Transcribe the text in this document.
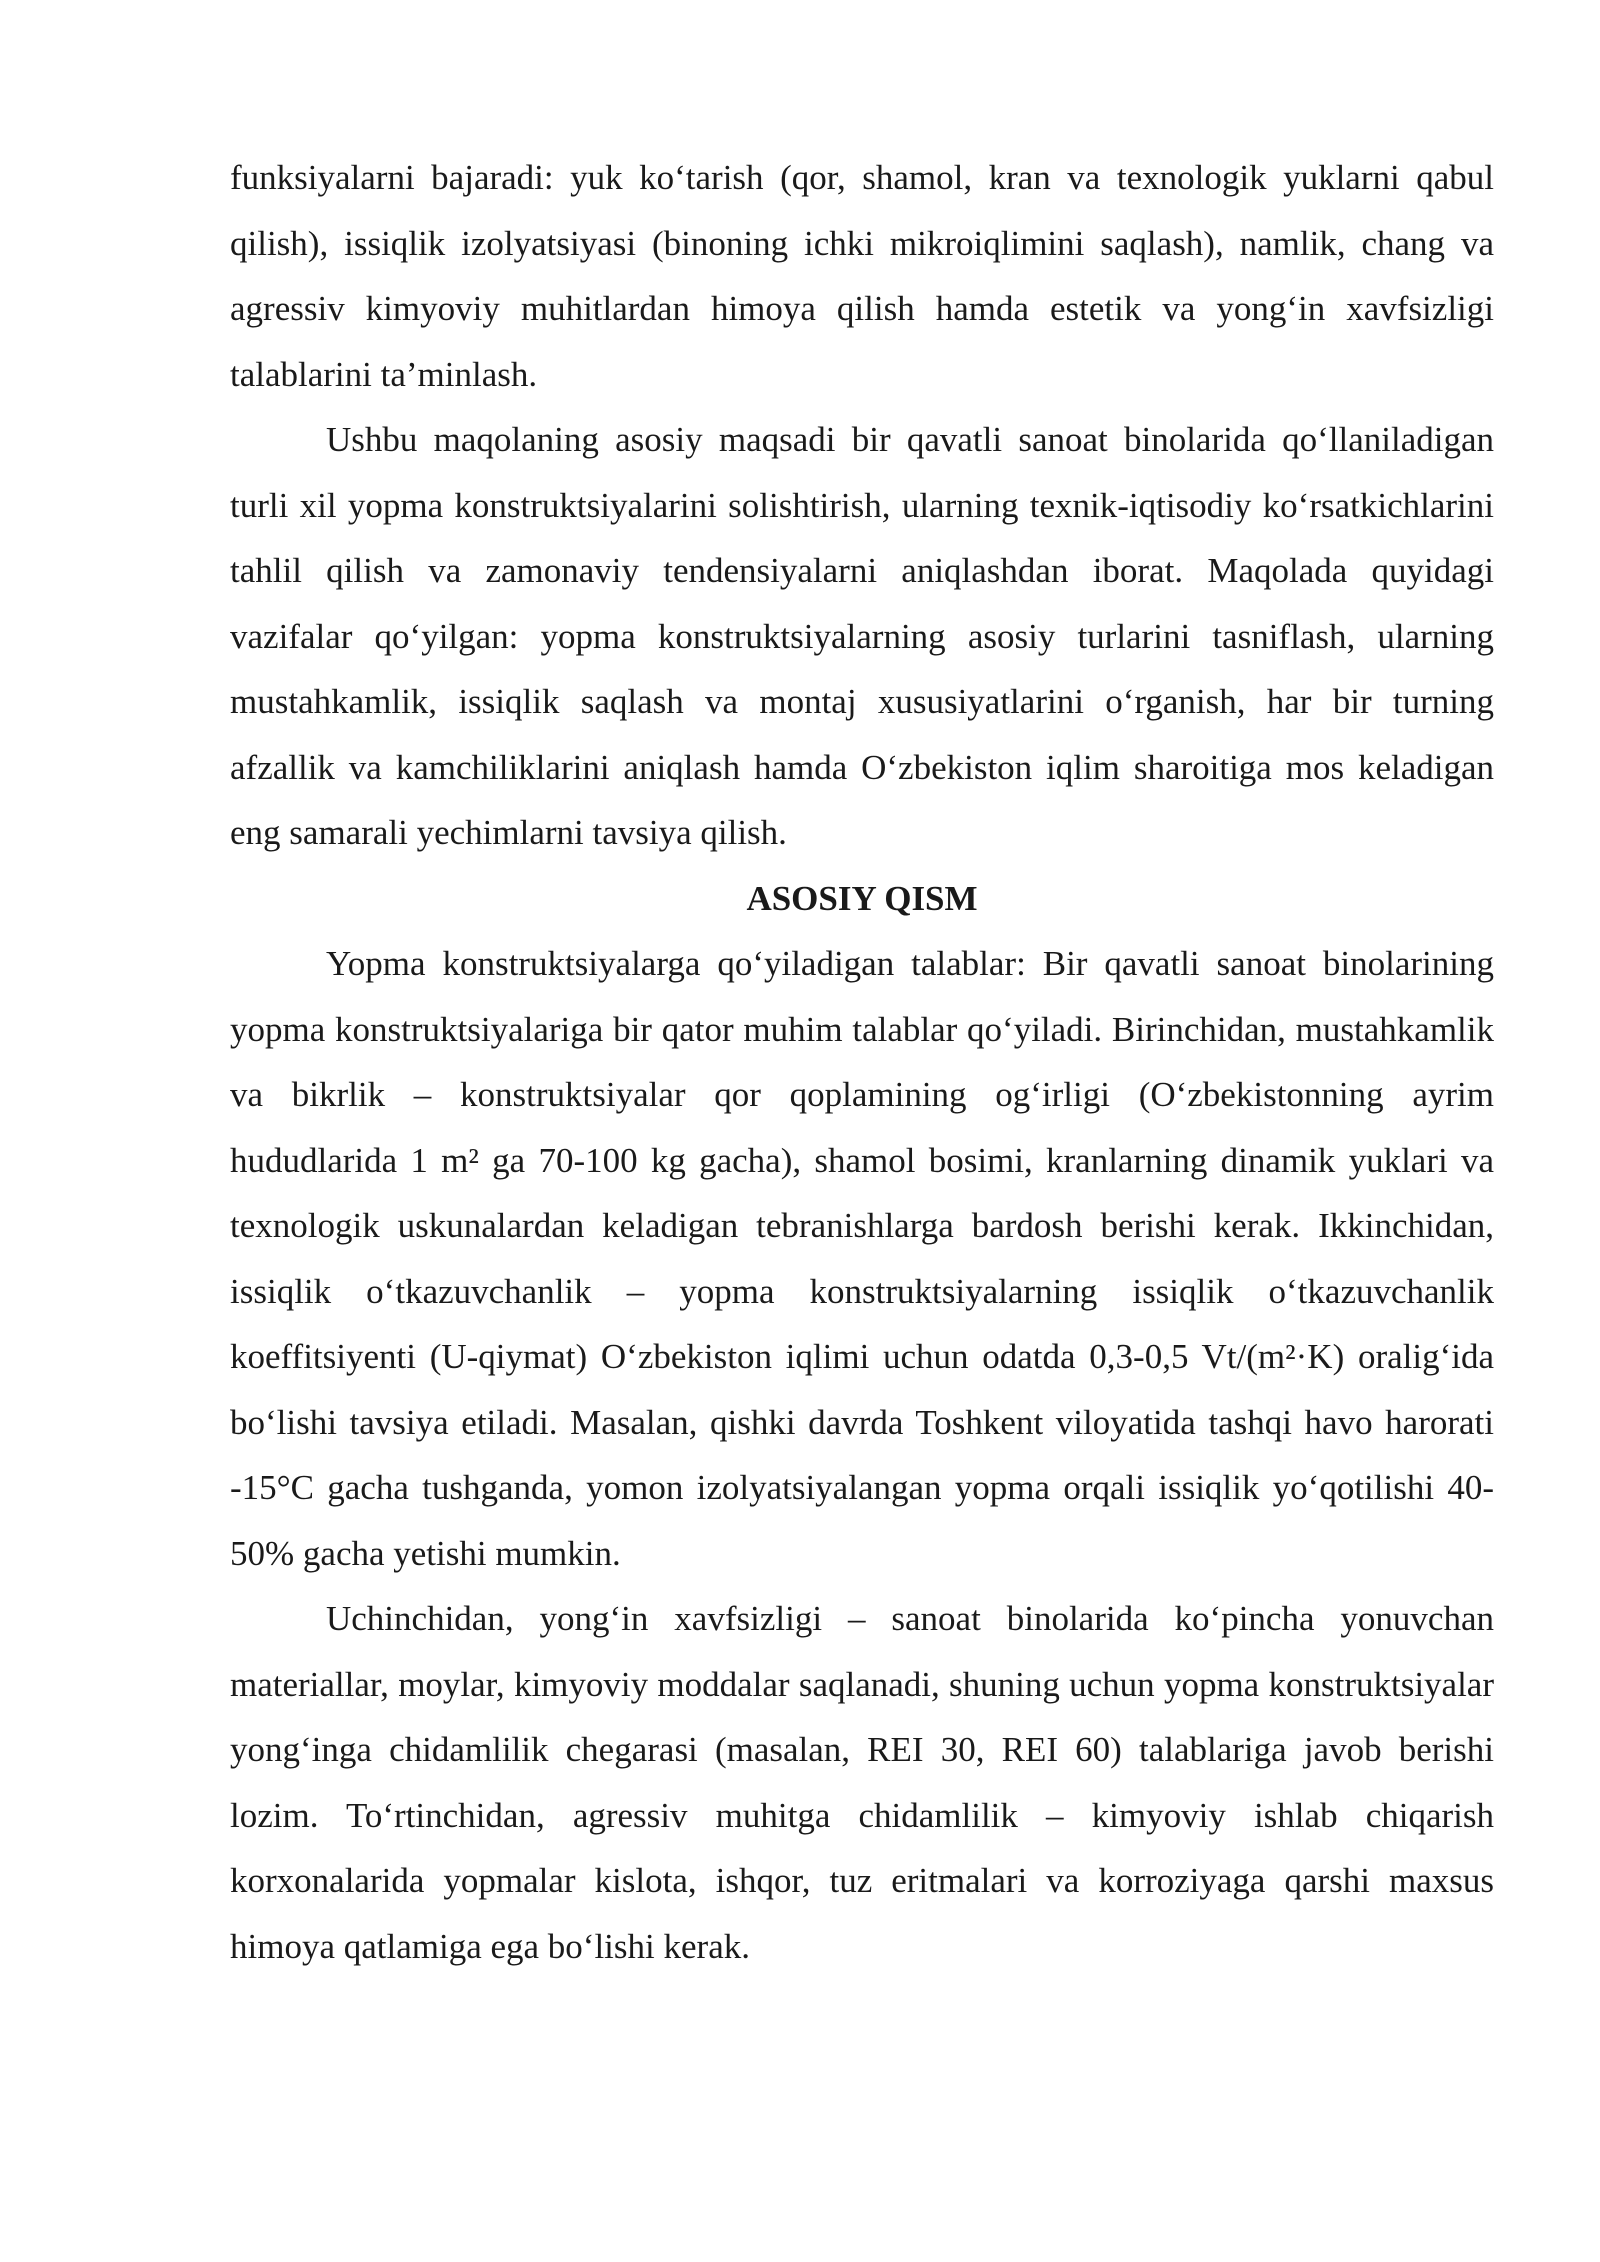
funksiyalarni bajaradi: yuk ko‘tarish (qor, shamol, kran va texnologik yuklarni qabul qilish), issiqlik izolyatsiyasi (binoning ichki mikroiqlimini saqlash), namlik, chang va agressiv kimyoviy muhitlardan himoya qilish hamda estetik va yong‘in xavfsizligi talablarini ta’minlash.

Ushbu maqolaning asosiy maqsadi bir qavatli sanoat binolarida qo‘llaniladigan turli xil yopma konstruktsiyalarini solishtirish, ularning texnik-iqtisodiy ko‘rsatkichlarini tahlil qilish va zamonaviy tendensiyalarni aniqlashdan iborat. Maqolada quyidagi vazifalar qo‘yilgan: yopma konstruktsiyalarning asosiy turlarini tasniflash, ularning mustahkamlik, issiqlik saqlash va montaj xususiyatlarini o‘rganish, har bir turning afzallik va kamchiliklarini aniqlash hamda O‘zbekiston iqlim sharoitiga mos keladigan eng samarali yechimlarni tavsiya qilish.

ASOSIY QISM

Yopma konstruktsiyalarga qo‘yiladigan talablar: Bir qavatli sanoat binolarining yopma konstruktsiyalariga bir qator muhim talablar qo‘yiladi. Birinchidan, mustahkamlik va bikrlik – konstruktsiyalar qor qoplamining og‘irligi (O‘zbekistonning ayrim hududlarida 1 m² ga 70-100 kg gacha), shamol bosimi, kranlarning dinamik yuklari va texnologik uskunalardan keladigan tebranishlarga bardosh berishi kerak. Ikkinchidan, issiqlik o‘tkazuvchanlik – yopma konstruktsiyalarning issiqlik o‘tkazuvchanlik koeffitsiyenti (U-qiymat) O‘zbekiston iqlimi uchun odatda 0,3-0,5 Vt/(m²·K) oralig‘ida bo‘lishi tavsiya etiladi. Masalan, qishki davrda Toshkent viloyatida tashqi havo harorati -15°C gacha tushganda, yomon izolyatsiyalangan yopma orqali issiqlik yo‘qotilishi 40-50% gacha yetishi mumkin.

Uchinchidan, yong‘in xavfsizligi – sanoat binolarida ko‘pincha yonuvchan materiallar, moylar, kimyoviy moddalar saqlanadi, shuning uchun yopma konstruktsiyalar yong‘inga chidamlilik chegarasi (masalan, REI 30, REI 60) talablariga javob berishi lozim. To‘rtinchidan, agressiv muhitga chidamlilik – kimyoviy ishlab chiqarish korxonalarida yopmalar kislota, ishqor, tuz eritmalari va korroziyaga qarshi maxsus himoya qatlamiga ega bo‘lishi kerak.
